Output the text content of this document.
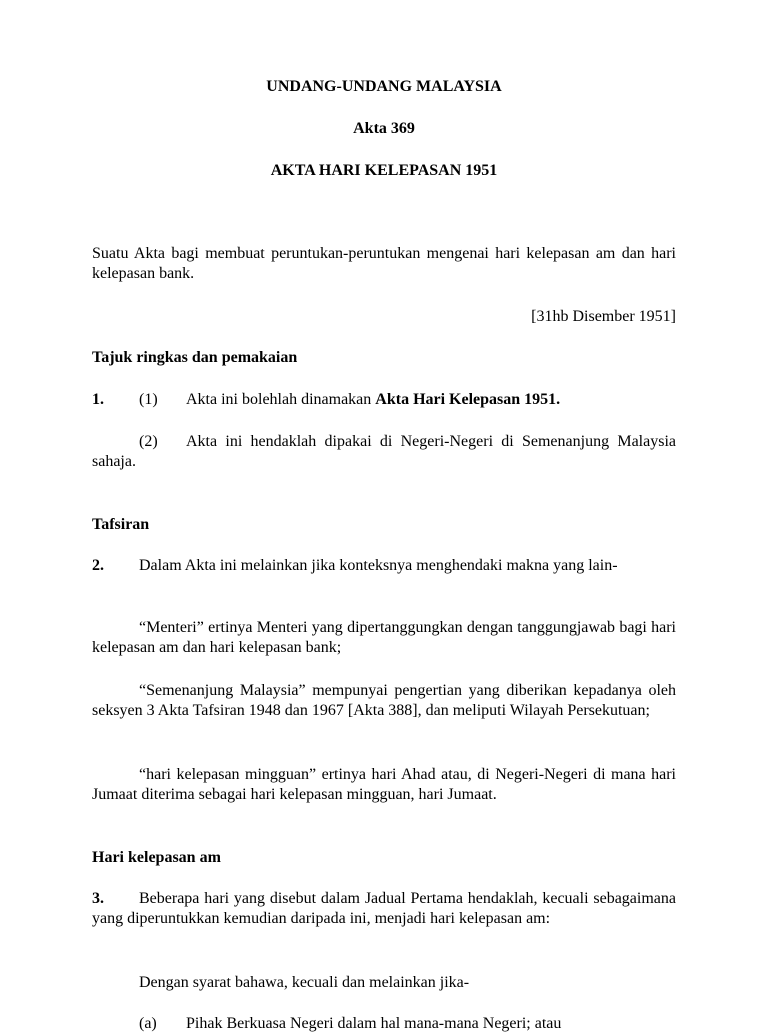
UNDANG-UNDANG MALAYSIA
Akta 369
AKTA HARI KELEPASAN 1951
Suatu Akta bagi membuat peruntukan-peruntukan mengenai hari kelepasan am dan hari kelepasan bank.
[31hb Disember 1951]
Tajuk ringkas dan pemakaian
1. (1) Akta ini bolehlah dinamakan Akta Hari Kelepasan 1951.
(2) Akta ini hendaklah dipakai di Negeri-Negeri di Semenanjung Malaysia sahaja.
Tafsiran
2. Dalam Akta ini melainkan jika konteksnya menghendaki makna yang lain-
“Menteri” ertinya Menteri yang dipertanggungkan dengan tanggungjawab bagi hari kelepasan am dan hari kelepasan bank;
“Semenanjung Malaysia” mempunyai pengertian yang diberikan kepadanya oleh seksyen 3 Akta Tafsiran 1948 dan 1967 [Akta 388], dan meliputi Wilayah Persekutuan;
“hari kelepasan mingguan” ertinya hari Ahad atau, di Negeri-Negeri di mana hari Jumaat diterima sebagai hari kelepasan mingguan, hari Jumaat.
Hari kelepasan am
3. Beberapa hari yang disebut dalam Jadual Pertama hendaklah, kecuali sebagaimana yang diperuntukkan kemudian daripada ini, menjadi hari kelepasan am:
Dengan syarat bahawa, kecuali dan melainkan jika-
(a) Pihak Berkuasa Negeri dalam hal mana-mana Negeri; atau
